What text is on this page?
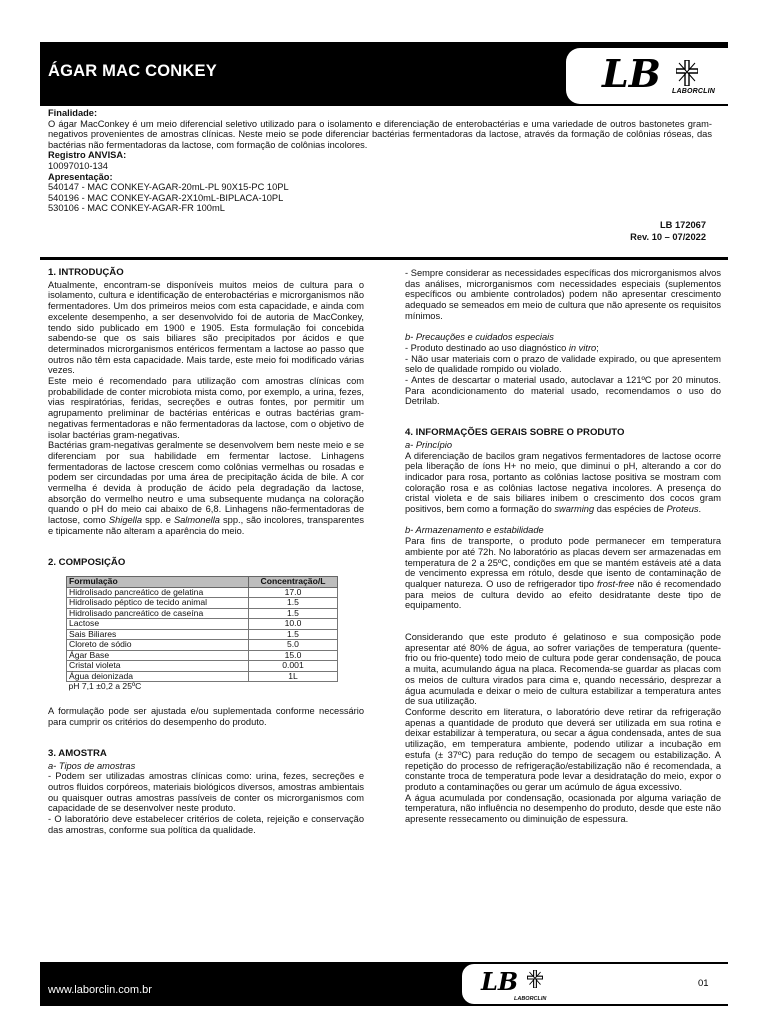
ÁGAR MAC CONKEY	LB LABORCLIN
Finalidade:

O ágar MacConkey é um meio diferencial seletivo utilizado para o isolamento e diferenciação de enterobactérias e uma variedade de outros bastonetes gram-negativos provenientes de amostras clínicas. Neste meio se pode diferenciar bactérias fermentadoras da lactose, através da formação de colônias róseas, das bactérias não fermentadoras da lactose, com formação de colônias incolores.

Registro ANVISA:
10097010-134
Apresentação:
540147 - MAC CONKEY-AGAR-20mL-PL 90X15-PC 10PL
540196 - MAC CONKEY-AGAR-2X10mL-BIPLACA-10PL
530106 - MAC CONKEY-AGAR-FR 100mL
LB 172067
Rev. 10 – 07/2022
1. INTRODUÇÃO

Atualmente, encontram-se disponíveis muitos meios de cultura para o isolamento, cultura e identificação de enterobactérias e microrganismos não fermentadores. Um dos primeiros meios com esta capacidade, e ainda com excelente desempenho, a ser desenvolvido foi de autoria de MacConkey, tendo sido publicado em 1900 e 1905. Esta formulação foi concebida sabendo-se que os sais biliares são precipitados por ácidos e que determinados microrganismos entéricos fermentam a lactose ao passo que outros não têm esta capacidade. Mais tarde, este meio foi modificado várias vezes.

Este meio é recomendado para utilização com amostras clínicas com probabilidade de conter microbiota mista como, por exemplo, a urina, fezes, vias respiratórias, feridas, secreções e outras fontes, por permitir um agrupamento preliminar de bactérias entéricas e outras bactérias gram-negativas fermentadoras e não fermentadoras da lactose, com o objetivo de isolar bactérias gram-negativas.

Bactérias gram-negativas geralmente se desenvolvem bem neste meio e se diferenciam por sua habilidade em fermentar lactose. Linhagens fermentadoras de lactose crescem como colônias vermelhas ou rosadas e podem ser circundadas por uma área de precipitação ácida de bile. A cor vermelha é devida à produção de ácido pela degradação da lactose, absorção do vermelho neutro e uma subsequente mudança na coloração quando o pH do meio cai abaixo de 6,8. Linhagens não-fermentadoras de lactose, como Shigella spp. e Salmonella spp., são incolores, transparentes e tipicamente não alteram a aparência do meio.

2. COMPOSIÇÃO
Formulação	Concentração/L
Hidrolisado pancreático de gelatina	17.0
Hidrolisado péptico de tecido animal	1.5
Hidrolisado pancreático de caseína	1.5
Lactose	10.0
Sais Biliares	1.5
Cloreto de sódio	5.0
Ágar Base	15.0
Cristal violeta	0.001
Água deionizada	1L
pH 7,1 ±0,2 a 25ºC	

A formulação pode ser ajustada e/ou suplementada conforme necessário para cumprir os critérios do desempenho do produto.

3. AMOSTRA
a- Tipos de amostras

- Podem ser utilizadas amostras clínicas como: urina, fezes, secreções e outros fluidos corpóreos, materiais biológicos diversos, amostras ambientais ou quaisquer outras amostras passíveis de conter os microrganismos com capacidade de se desenvolver neste produto.

- O laboratório deve estabelecer critérios de coleta, rejeição e conservação das amostras, conforme sua política da qualidade.

- Sempre considerar as necessidades específicas dos microrganismos alvos das análises, microrganismos com necessidades especiais (suplementos específicos ou ambiente controlados) podem não apresentar crescimento adequado se semeados em meio de cultura que não apresente os requisitos mínimos.

b- Precauções e cuidados especiais

- Produto destinado ao uso diagnóstico in vitro;

- Não usar materiais com o prazo de validade expirado, ou que apresentem selo de qualidade rompido ou violado.

- Antes de descartar o material usado, autoclavar a 121ºC por 20 minutos. Para acondicionamento do material usado, recomendamos o uso do Detrilab.

4. INFORMAÇÕES GERAIS SOBRE O PRODUTO
a- Princípio

A diferenciação de bacilos gram negativos fermentadores de lactose ocorre pela liberação de íons H+ no meio, que diminui o pH, alterando a cor do indicador para rosa, portanto as colônias lactose positiva se mostram com coloração rosa e as colônias lactose negativa incolores. A presença do cristal violeta e de sais biliares inibem o crescimento dos cocos gram positivos, bem como a formação do swarming das espécies de Proteus.

b- Armazenamento e estabilidade

Para fins de transporte, o produto pode permanecer em temperatura ambiente por até 72h. No laboratório as placas devem ser armazenadas em temperatura de 2 a 25ºC, condições em que se mantém estáveis até a data de vencimento expressa em rótulo, desde que isento de contaminação de qualquer natureza. O uso de refrigerador tipo frost-free não é recomendado para meios de cultura devido ao efeito desidratante deste tipo de equipamento.

Considerando que este produto é gelatinoso e sua composição pode apresentar até 80% de água, ao sofrer variações de temperatura (quente-frio ou frio-quente) todo meio de cultura pode gerar condensação, de pouca a muita, acumulando água na placa. Recomenda-se guardar as placas com os meios de cultura virados para cima e, quando necessário, desprezar a água acumulada e deixar o meio de cultura estabilizar a temperatura antes de sua utilização.

Conforme descrito em literatura, o laboratório deve retirar da refrigeração apenas a quantidade de produto que deverá ser utilizada em sua rotina e deixar estabilizar à temperatura, ou secar a água condensada, antes de sua utilização, em temperatura ambiente, podendo utilizar a incubação em estufa (± 37ºC) para redução do tempo de secagem ou estabilização. A repetição do processo de refrigeração/estabilização não é recomendada, a constante troca de temperatura pode levar a desidratação do meio, expor o produto a contaminações ou gerar um acúmulo de água excessivo.

A água acumulada por condensação, ocasionada por alguma variação de temperatura, não influência no desempenho do produto, desde que este não apresente ressecamento ou diminuição de espessura.

www.laborclin.com.br	LB
LABORCLIN
01
